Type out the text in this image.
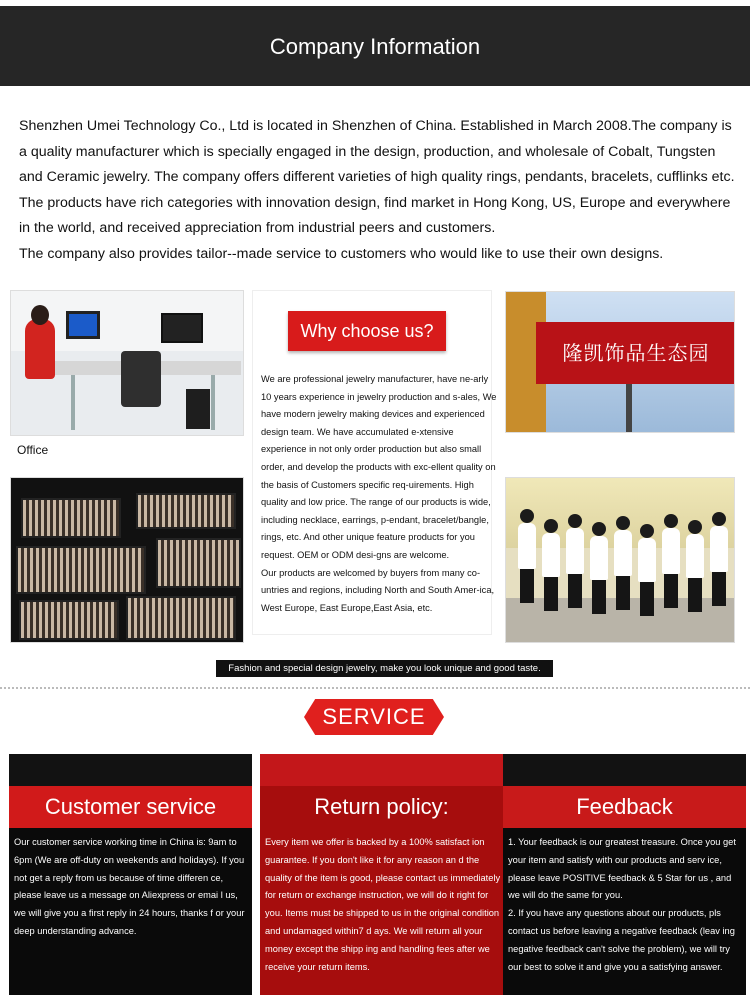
Company Information

Shenzhen Umei Technology Co., Ltd is located in Shenzhen of China. Established in March 2008.The company is a quality manufacturer which is specially engaged in the design, production, and wholesale of Cobalt, Tungsten and Ceramic jewelry. The company offers different varieties of high quality rings, pendants, bracelets, cufflinks etc. The products have rich categories with innovation design, find market in Hong Kong, US, Europe and everywhere in the world, and received appreciation from industrial peers and customers.

The company also provides tailor--made service to customers who would like to use their own designs.

Office
Why choose us?

We are professional jewelry manufacturer, have ne-arly 10 years experience in jewelry production and s-ales, We have modern jewelry making devices and experienced design team. We have accumulated e-xtensive experience in not only order production but also small order, and develop the products with exc-ellent quality on the basis of Customers specific req-uirements. High quality and low price. The range of our products is wide, including necklace, earrings, p-endant, bracelet/bangle, rings, etc. And other unique feature products for you request. OEM or ODM desi-gns are welcome.

Our products are welcomed by buyers from many co-untries and regions, including North and South Amer-ica, West Europe, East Europe,East Asia, etc.

隆凯饰品生态园
Fashion and special design jewelry, make you look unique and good taste.
SERVICE
Customer service

Our customer service working time in China is: 9am to 6pm (We are off-duty on weekends and holidays). If you not get a reply from us because of time differen ce, please leave us a message on Aliexpress or emai l us, we will give you a first reply in 24 hours, thanks f or your deep understanding advance.

Return policy:

Every item we offer is backed by a 100% satisfact ion guarantee. If you don't like it for any reason an d the quality of the item is good, please contact us immediately for return or exchange instruction, we will do it right for you. Items must be shipped to us in the original condition and undamaged within7 d ays. We will return all your money except the shipp ing and handling fees after we receive your return items.

Feedback

1. Your feedback is our greatest treasure. Once you get your item and satisfy with our products and serv ice, please leave POSITIVE feedback & 5 Star for us , and we will do the same for you.

2. If you have any questions about our products, pls contact us before leaving a negative feedback (leav ing negative feedback can't solve the problem), we will try our best to solve it and give you a satisfying answer.
